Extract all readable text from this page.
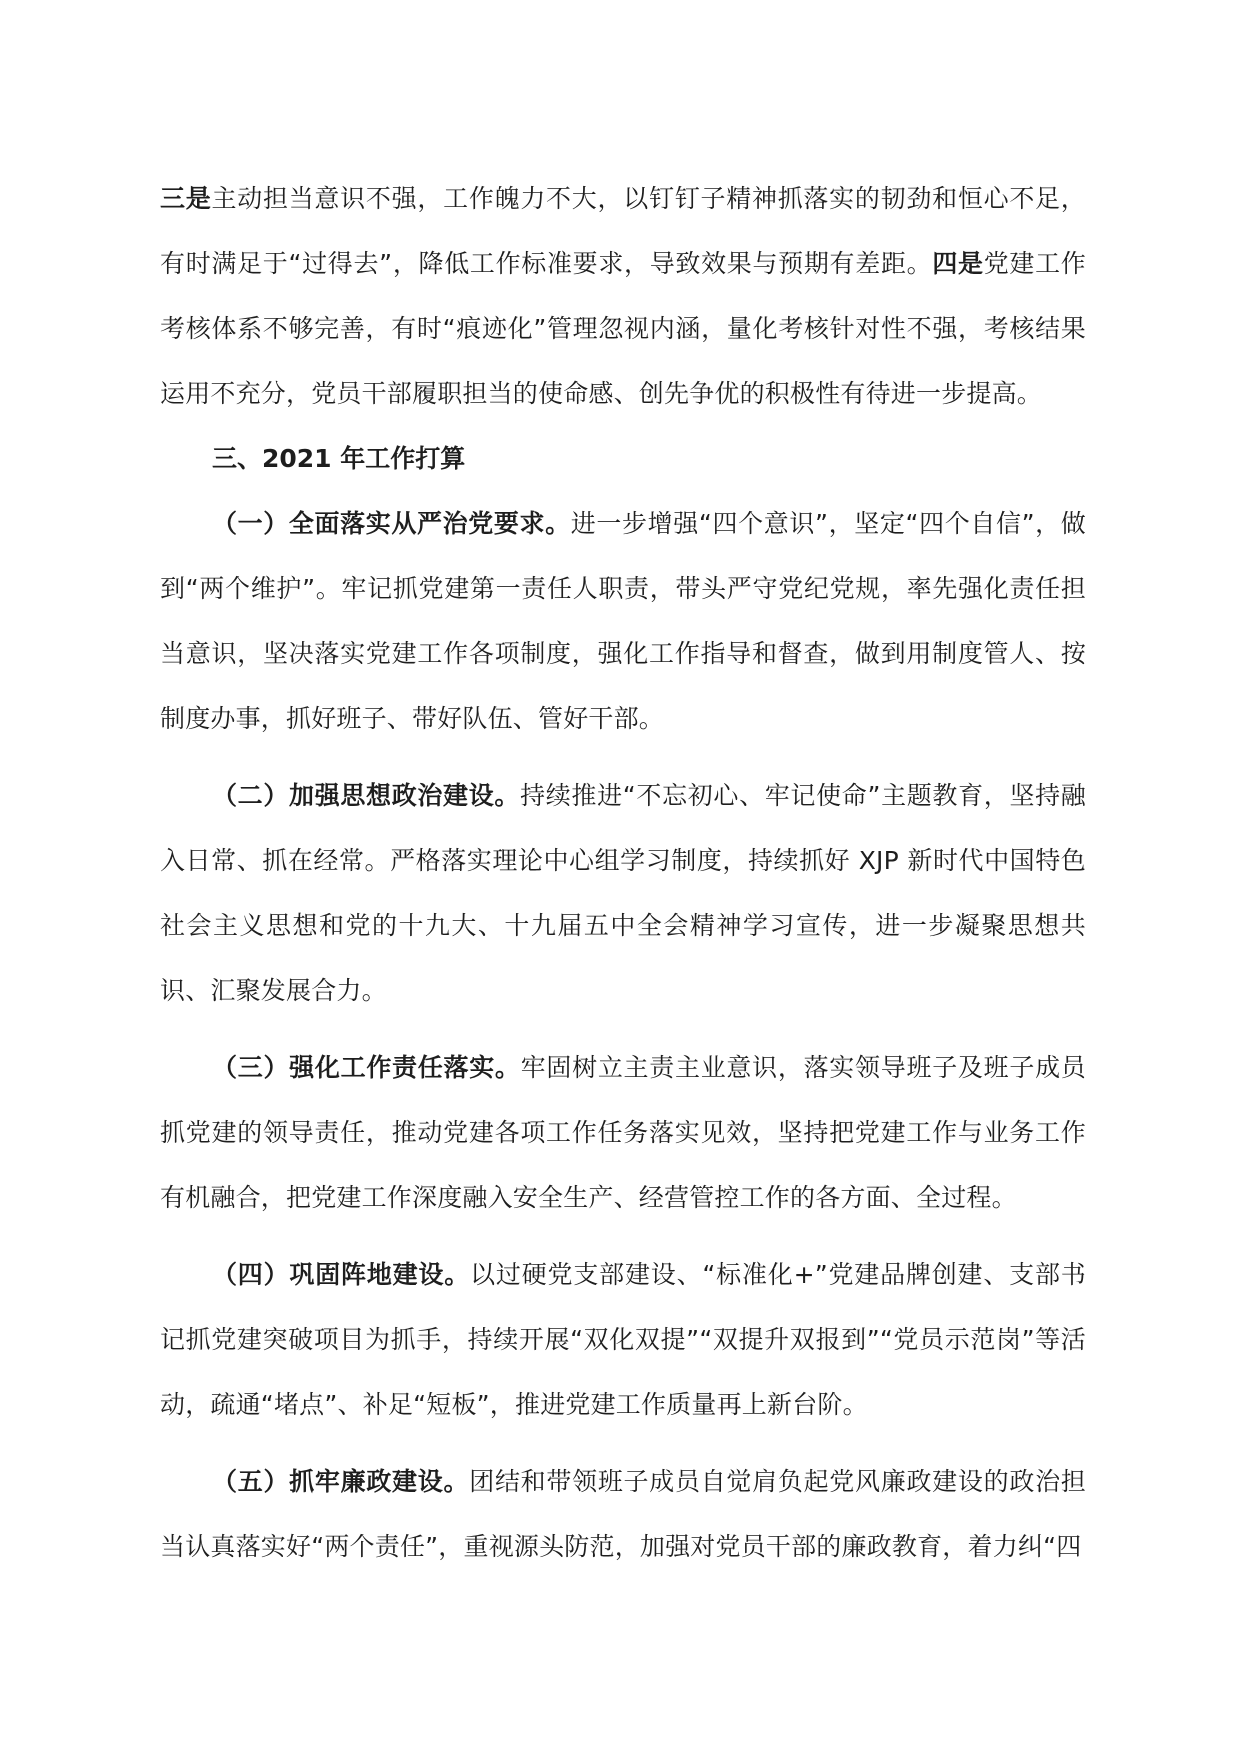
三是主动担当意识不强，工作魄力不大，以钉钉子精神抓落实的韧劲和恒心不足，有时满足于“过得去”，降低工作标准要求，导致效果与预期有差距。四是党建工作考核体系不够完善，有时“痕迹化”管理忽视内涵，量化考核针对性不强，考核结果运用不充分，党员干部履职担当的使命感、创先争优的积极性有待进一步提高。

三、2021 年工作打算

（一）全面落实从严治党要求。进一步增强“四个意识”，坚定“四个自信”，做到“两个维护”。牢记抓党建第一责任人职责，带头严守党纪党规，率先强化责任担当意识，坚决落实党建工作各项制度，强化工作指导和督查，做到用制度管人、按制度办事，抓好班子、带好队伍、管好干部。

（二）加强思想政治建设。持续推进“不忘初心、牢记使命”主题教育，坚持融入日常、抓在经常。严格落实理论中心组学习制度，持续抓好 XJP 新时代中国特色社会主义思想和党的十九大、十九届五中全会精神学习宣传，进一步凝聚思想共识、汇聚发展合力。

（三）强化工作责任落实。牢固树立主责主业意识，落实领导班子及班子成员抓党建的领导责任，推动党建各项工作任务落实见效，坚持把党建工作与业务工作有机融合，把党建工作深度融入安全生产、经营管控工作的各方面、全过程。

（四）巩固阵地建设。以过硬党支部建设、“标准化+”党建品牌创建、支部书记抓党建突破项目为抓手，持续开展“双化双提”“双提升双报到”“党员示范岗”等活动，疏通“堵点”、补足“短板”，推进党建工作质量再上新台阶。

（五）抓牢廉政建设。团结和带领班子成员自觉肩负起党风廉政建设的政治担当认真落实好“两个责任”，重视源头防范，加强对党员干部的廉政教育，着力纠“四
